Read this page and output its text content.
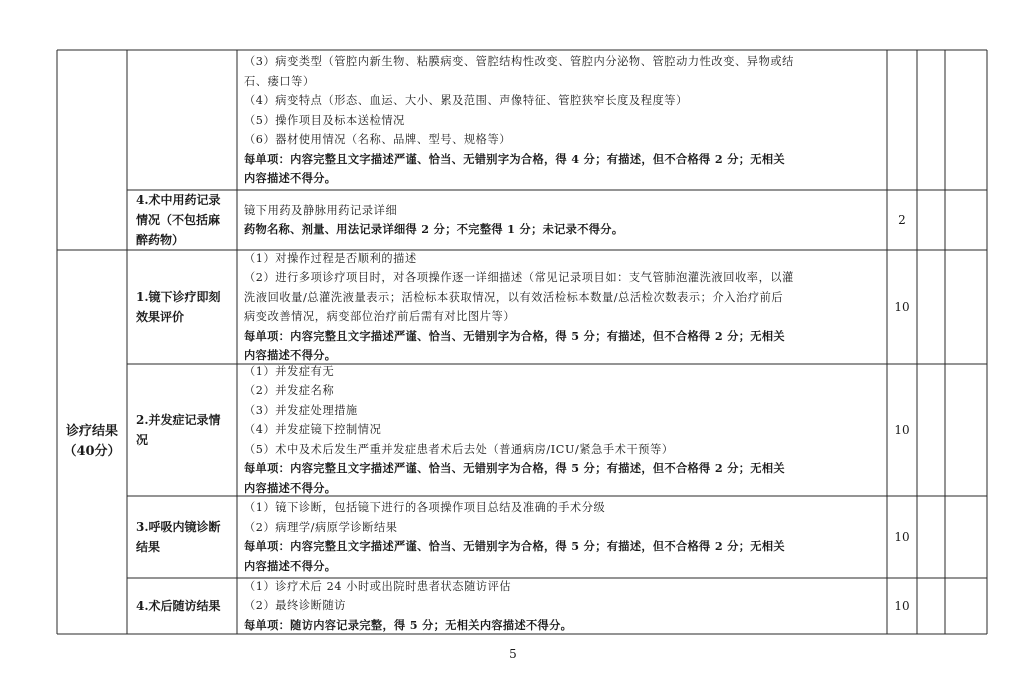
（3）病变类型（管腔内新生物、粘膜病变、管腔结构性改变、管腔内分泌物、管腔动力性改变、异物或结
石、瘘口等）
（4）病变特点（形态、血运、大小、累及范围、声像特征、管腔狭窄长度及程度等）
（5）操作项目及标本送检情况
（6）器材使用情况（名称、品牌、型号、规格等）
每单项：内容完整且文字描述严谨、恰当、无错别字为合格，得 4 分；有描述，但不合格得 2 分；无相关
内容描述不得分。
4.术中用药记录
情况（不包括麻
醉药物）
镜下用药及静脉用药记录详细
药物名称、剂量、用法记录详细得 2 分；不完整得 1 分；未记录不得分。
2
诊疗结果
（40分）
1.镜下诊疗即刻
效果评价
（1）对操作过程是否顺利的描述
（2）进行多项诊疗项目时，对各项操作逐一详细描述（常见记录项目如：支气管肺泡灌洗液回收率，以灌
洗液回收量/总灌洗液量表示；活检标本获取情况，以有效活检标本数量/总活检次数表示；介入治疗前后
病变改善情况，病变部位治疗前后需有对比图片等）
每单项：内容完整且文字描述严谨、恰当、无错别字为合格，得 5 分；有描述，但不合格得 2 分；无相关
内容描述不得分。
10
2.并发症记录情
况
（1）并发症有无
（2）并发症名称
（3）并发症处理措施
（4）并发症镜下控制情况
（5）术中及术后发生严重并发症患者术后去处（普通病房/ICU/紧急手术干预等）
每单项：内容完整且文字描述严谨、恰当、无错别字为合格，得 5 分；有描述，但不合格得 2 分；无相关
内容描述不得分。
10
3.呼吸内镜诊断
结果
（1）镜下诊断，包括镜下进行的各项操作项目总结及准确的手术分级
（2）病理学/病原学诊断结果
每单项：内容完整且文字描述严谨、恰当、无错别字为合格，得 5 分；有描述，但不合格得 2 分；无相关
内容描述不得分。
10
4.术后随访结果
（1）诊疗术后 24 小时或出院时患者状态随访评估
（2）最终诊断随访
每单项：随访内容记录完整，得 5 分；无相关内容描述不得分。
10
5
